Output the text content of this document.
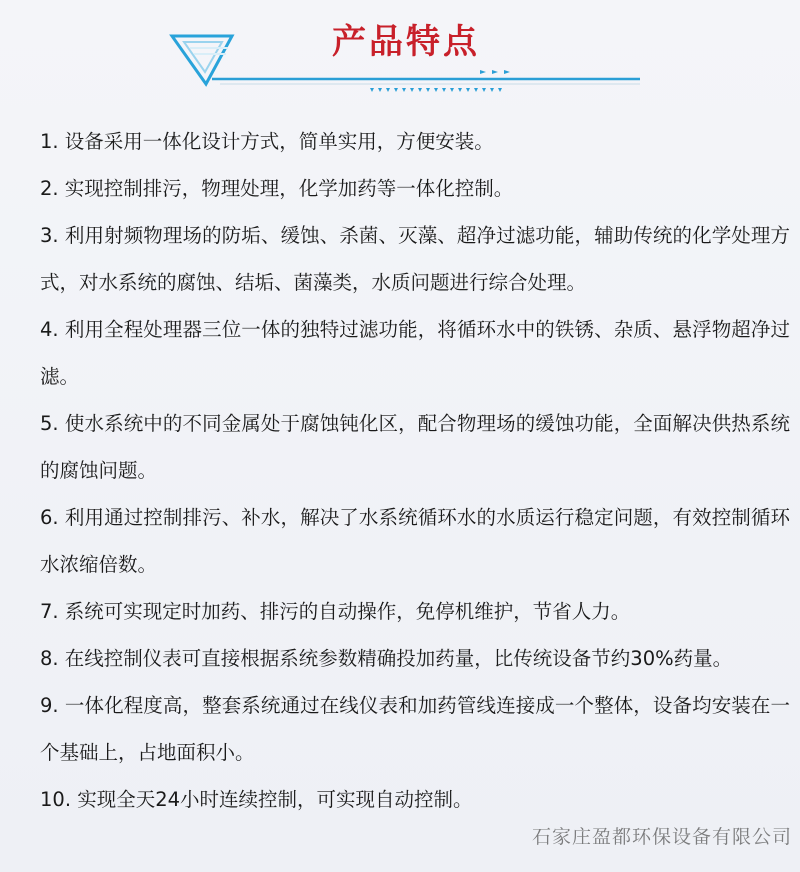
产品特点
1. 设备采用一体化设计方式，简单实用，方便安装。
2. 实现控制排污，物理处理，化学加药等一体化控制。
3. 利用射频物理场的防垢、缓蚀、杀菌、灭藻、超净过滤功能，辅助传统的化学处理方式，对水系统的腐蚀、结垢、菌藻类，水质问题进行综合处理。
4. 利用全程处理器三位一体的独特过滤功能，将循环水中的铁锈、杂质、悬浮物超净过滤。
5. 使水系统中的不同金属处于腐蚀钝化区，配合物理场的缓蚀功能，全面解决供热系统的腐蚀问题。
6. 利用通过控制排污、补水，解决了水系统循环水的水质运行稳定问题，有效控制循环水浓缩倍数。
7. 系统可实现定时加药、排污的自动操作，免停机维护，节省人力。
8. 在线控制仪表可直接根据系统参数精确投加药量，比传统设备节约30%药量。
9. 一体化程度高，整套系统通过在线仪表和加药管线连接成一个整体，设备均安装在一个基础上，占地面积小。
10. 实现全天24小时连续控制，可实现自动控制。
石家庄盈都环保设备有限公司
